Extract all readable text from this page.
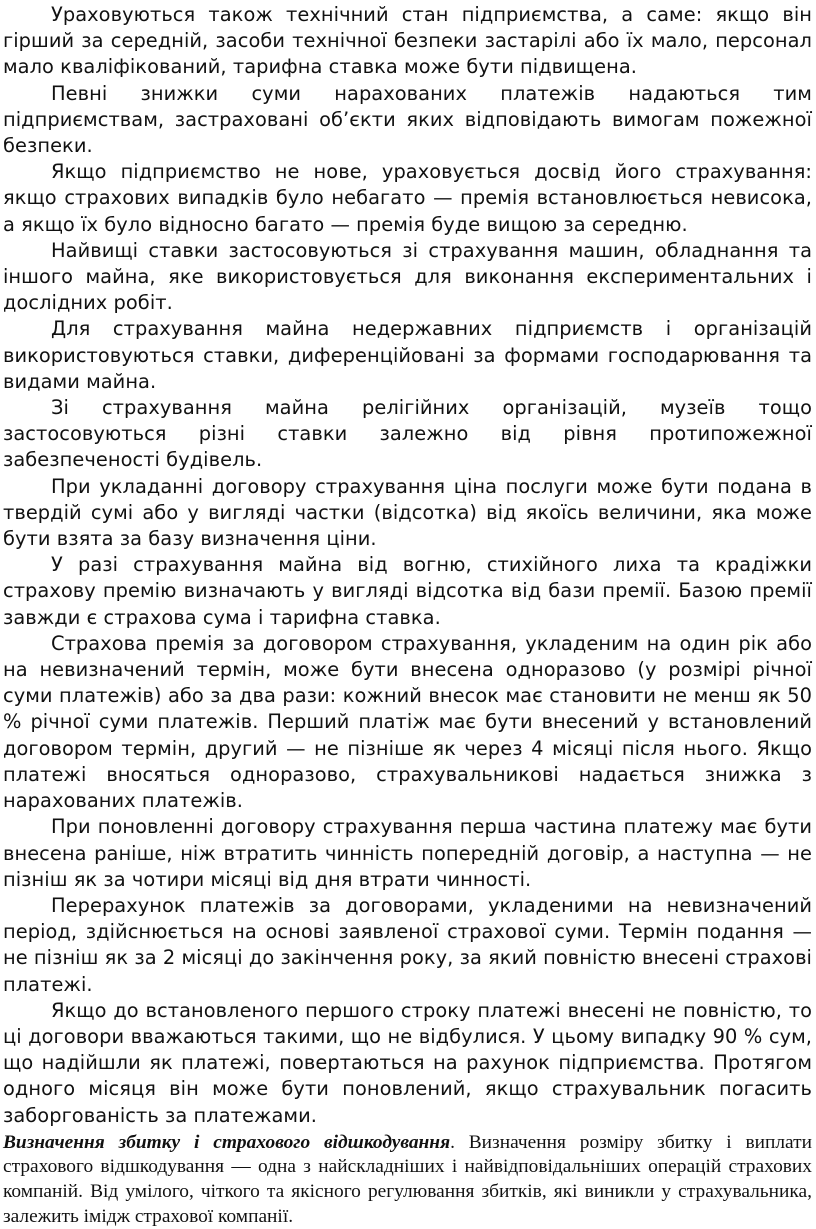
Ураховуються також технічний стан підприємства, а саме: якщо він гірший за середній, засоби технічної безпеки застарілі або їх мало, персонал мало кваліфікований, тарифна ставка може бути підвищена.

Певні знижки суми нарахованих платежів надаються тим підприємствам, застраховані об’єкти яких відповідають вимогам пожежної безпеки.

Якщо підприємство не нове, ураховується досвід його страхування: якщо страхових випадків було небагато — премія встановлюється невисока, а якщо їх було відносно багато — премія буде вищою за середню.

Найвищі ставки застосовуються зі страхування машин, обладнання та іншого майна, яке використовується для виконання експериментальних і дослідних робіт.

Для страхування майна недержавних підприємств і організацій використовуються ставки, диференційовані за формами господарювання та видами майна.

Зі страхування майна релігійних організацій, музеїв тощо застосовуються різні ставки залежно від рівня протипожежної забезпеченості будівель.

При укладанні договору страхування ціна послуги може бути подана в твердій сумі або у вигляді частки (відсотка) від якоїсь величини, яка може бути взята за базу визначення ціни.

У разі страхування майна від вогню, стихійного лиха та крадіжки страхову премію визначають у вигляді відсотка від бази премії. Базою премії завжди є страхова сума і тарифна ставка.

Страхова премія за договором страхування, укладеним на один рік або на невизначений термін, може бути внесена одноразово (у розмірі річної суми платежів) або за два рази: кожний внесок має становити не менш як 50 % річної суми платежів. Перший платіж має бути внесений у встановлений договором термін, другий — не пізніше як через 4 місяці після нього. Якщо платежі вносяться одноразово, страхувальникові надається знижка з нарахованих платежів.

При поновленні договору страхування перша частина платежу має бути внесена раніше, ніж втратить чинність попередній договір, а наступна — не пізніш як за чотири місяці від дня втрати чинності.

Перерахунок платежів за договорами, укладеними на невизначений період, здійснюється на основі заявленої страхової суми. Термін подання — не пізніш як за 2 місяці до закінчення року, за який повністю внесені страхові платежі.

Якщо до встановленого першого строку платежі внесені не повністю, то ці договори вважаються такими, що не відбулися. У цьому випадку 90 % сум, що надійшли як платежі, повертаються на рахунок підприємства. Протягом одного місяця він може бути поновлений, якщо страхувальник погасить заборгованість за платежами.

Визначення збитку і страхового відшкодування. Визначення розміру збитку і виплати страхового відшкодування — одна з найскладніших і найвідповідальніших операцій страхових компаній. Від умілого, чіткого та якісного регулювання збитків, які виникли у страхувальника, залежить імідж страхової компанії.
